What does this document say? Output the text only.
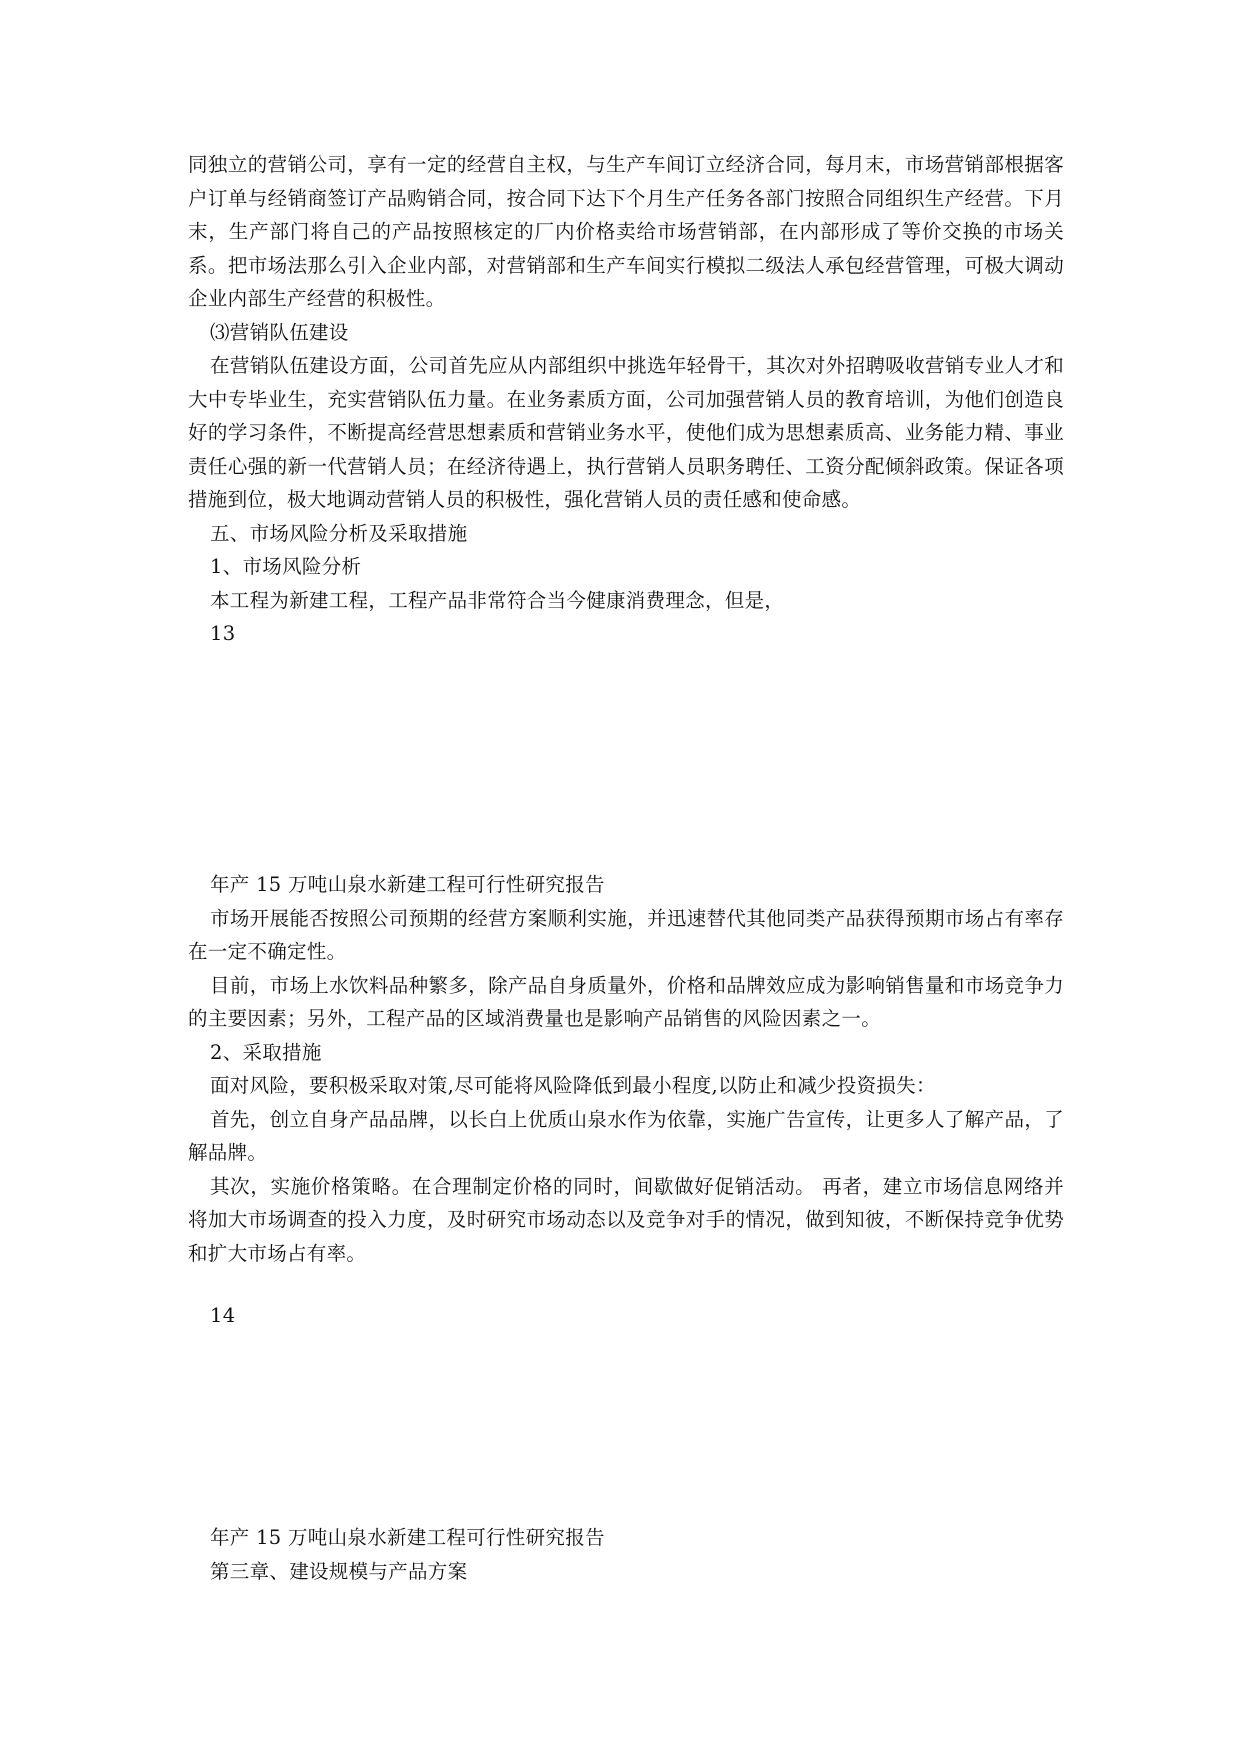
同独立的营销公司，享有一定的经营自主权，与生产车间订立经济合同，每月末，市场营销部根据客户订单与经销商签订产品购销合同，按合同下达下个月生产任务各部门按照合同组织生产经营。下月末，生产部门将自己的产品按照核定的厂内价格卖给市场营销部，在内部形成了等价交换的市场关系。把市场法那么引入企业内部，对营销部和生产车间实行模拟二级法人承包经营管理，可极大调动企业内部生产经营的积极性。

⑶营销队伍建设

在营销队伍建设方面，公司首先应从内部组织中挑选年轻骨干，其次对外招聘吸收营销专业人才和大中专毕业生，充实营销队伍力量。在业务素质方面，公司加强营销人员的教育培训，为他们创造良好的学习条件，不断提高经营思想素质和营销业务水平，使他们成为思想素质高、业务能力精、事业责任心强的新一代营销人员；在经济待遇上，执行营销人员职务聘任、工资分配倾斜政策。保证各项措施到位，极大地调动营销人员的积极性，强化营销人员的责任感和使命感。

五、市场风险分析及采取措施

1、市场风险分析

本工程为新建工程，工程产品非常符合当今健康消费理念，但是，

13

年产 15 万吨山泉水新建工程可行性研究报告

市场开展能否按照公司预期的经营方案顺利实施，并迅速替代其他同类产品获得预期市场占有率存在一定不确定性。

目前，市场上水饮料品种繁多，除产品自身质量外，价格和品牌效应成为影响销售量和市场竞争力的主要因素；另外，工程产品的区域消费量也是影响产品销售的风险因素之一。

2、采取措施

面对风险，要积极采取对策,尽可能将风险降低到最小程度,以防止和减少投资损失：

首先，创立自身产品品牌，以长白上优质山泉水作为依靠，实施广告宣传，让更多人了解产品，了解品牌。

其次，实施价格策略。在合理制定价格的同时，间歇做好促销活动。 再者，建立市场信息网络并将加大市场调查的投入力度，及时研究市场动态以及竞争对手的情况，做到知彼，不断保持竞争优势和扩大市场占有率。

14

年产 15 万吨山泉水新建工程可行性研究报告

第三章、建设规模与产品方案
